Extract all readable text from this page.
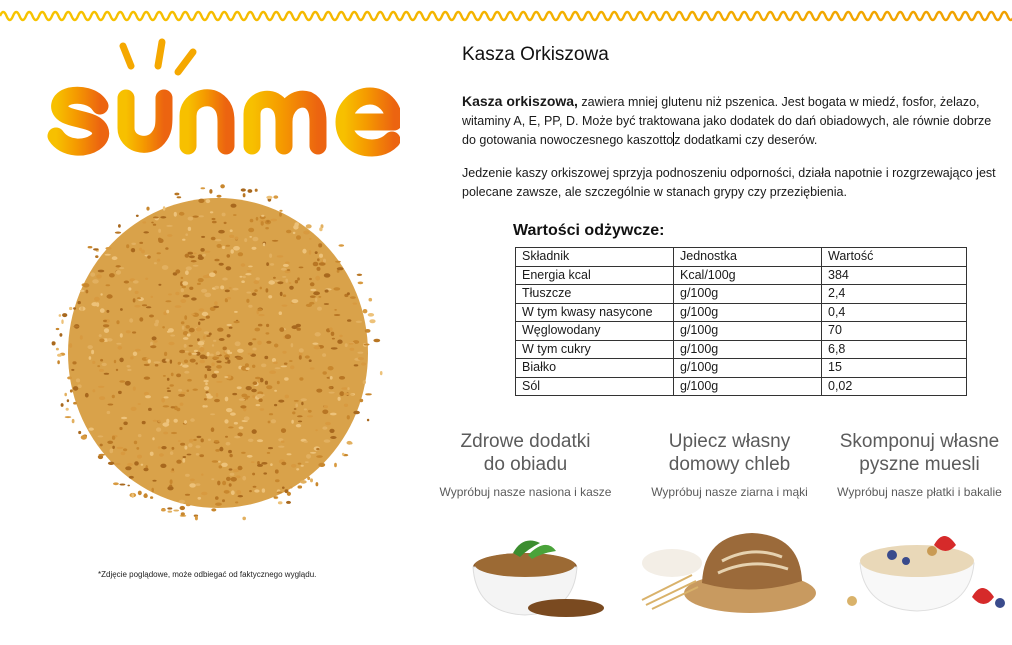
*Zdjęcie poglądowe, może odbiegać od faktycznego wyglądu.
Kasza Orkiszowa
Kasza orkiszowa, zawiera mniej glutenu niż pszenica. Jest bogata w miedź, fosfor, żelazo, witaminy A, E, PP, D. Może być traktowana jako dodatek do dań obiadowych, ale równie dobrze do gotowania nowoczesnego kaszottoz dodatkami czy deserów.
Jedzenie kaszy orkiszowej sprzyja podnoszeniu odporności, działa napotnie i rozgrzewająco jest polecane zawsze, ale szczególnie w stanach grypy czy przeziębienia.
Wartości odżywcze:
Składnik	Jednostka	Wartość
Energia kcal	Kcal/100g	384
Tłuszcze	g/100g	2,4
W tym kwasy nasycone	g/100g	0,4
Węglowodany	g/100g	70
W tym cukry	g/100g	6,8
Białko	g/100g	15
Sól	g/100g	0,02
Zdrowe dodatki
do obiadu
Wypróbuj nasze nasiona i kasze
Upiecz własny
domowy chleb
Wypróbuj nasze ziarna i mąki
Skomponuj własne
pyszne muesli
Wypróbuj nasze płatki i bakalie
